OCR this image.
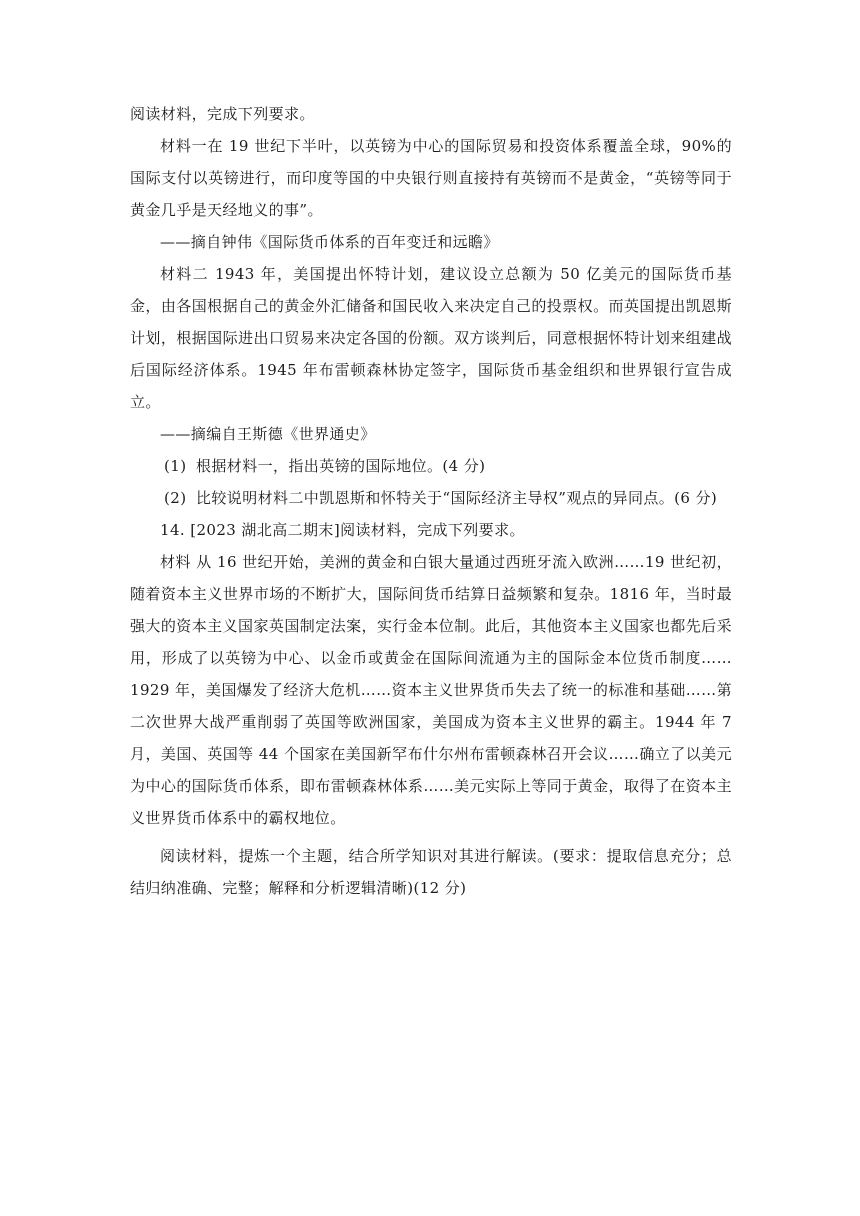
阅读材料，完成下列要求。

材料一在 19 世纪下半叶，以英镑为中心的国际贸易和投资体系覆盖全球，90%的国际支付以英镑进行，而印度等国的中央银行则直接持有英镑而不是黄金，“英镑等同于黄金几乎是天经地义的事”。

——摘自钟伟《国际货币体系的百年变迁和远瞻》

材料二 1943 年，美国提出怀特计划，建议设立总额为 50 亿美元的国际货币基金，由各国根据自己的黄金外汇储备和国民收入来决定自己的投票权。而英国提出凯恩斯计划，根据国际进出口贸易来决定各国的份额。双方谈判后，同意根据怀特计划来组建战后国际经济体系。1945 年布雷顿森林协定签字，国际货币基金组织和世界银行宣告成立。

——摘编自王斯德《世界通史》

(1) 根据材料一，指出英镑的国际地位。(4 分)

(2) 比较说明材料二中凯恩斯和怀特关于“国际经济主导权”观点的异同点。(6 分)

14. [2023 湖北高二期末]阅读材料，完成下列要求。

材料 从 16 世纪开始，美洲的黄金和白银大量通过西班牙流入欧洲……19 世纪初，随着资本主义世界市场的不断扩大，国际间货币结算日益频繁和复杂。1816 年，当时最强大的资本主义国家英国制定法案，实行金本位制。此后，其他资本主义国家也都先后采用，形成了以英镑为中心、以金币或黄金在国际间流通为主的国际金本位货币制度……1929 年，美国爆发了经济大危机……资本主义世界货币失去了统一的标准和基础……第二次世界大战严重削弱了英国等欧洲国家，美国成为资本主义世界的霸主。1944 年 7 月，美国、英国等 44 个国家在美国新罕布什尔州布雷顿森林召开会议……确立了以美元为中心的国际货币体系，即布雷顿森林体系……美元实际上等同于黄金，取得了在资本主义世界货币体系中的霸权地位。

阅读材料，提炼一个主题，结合所学知识对其进行解读。(要求：提取信息充分；总结归纳准确、完整；解释和分析逻辑清晰)(12 分)
